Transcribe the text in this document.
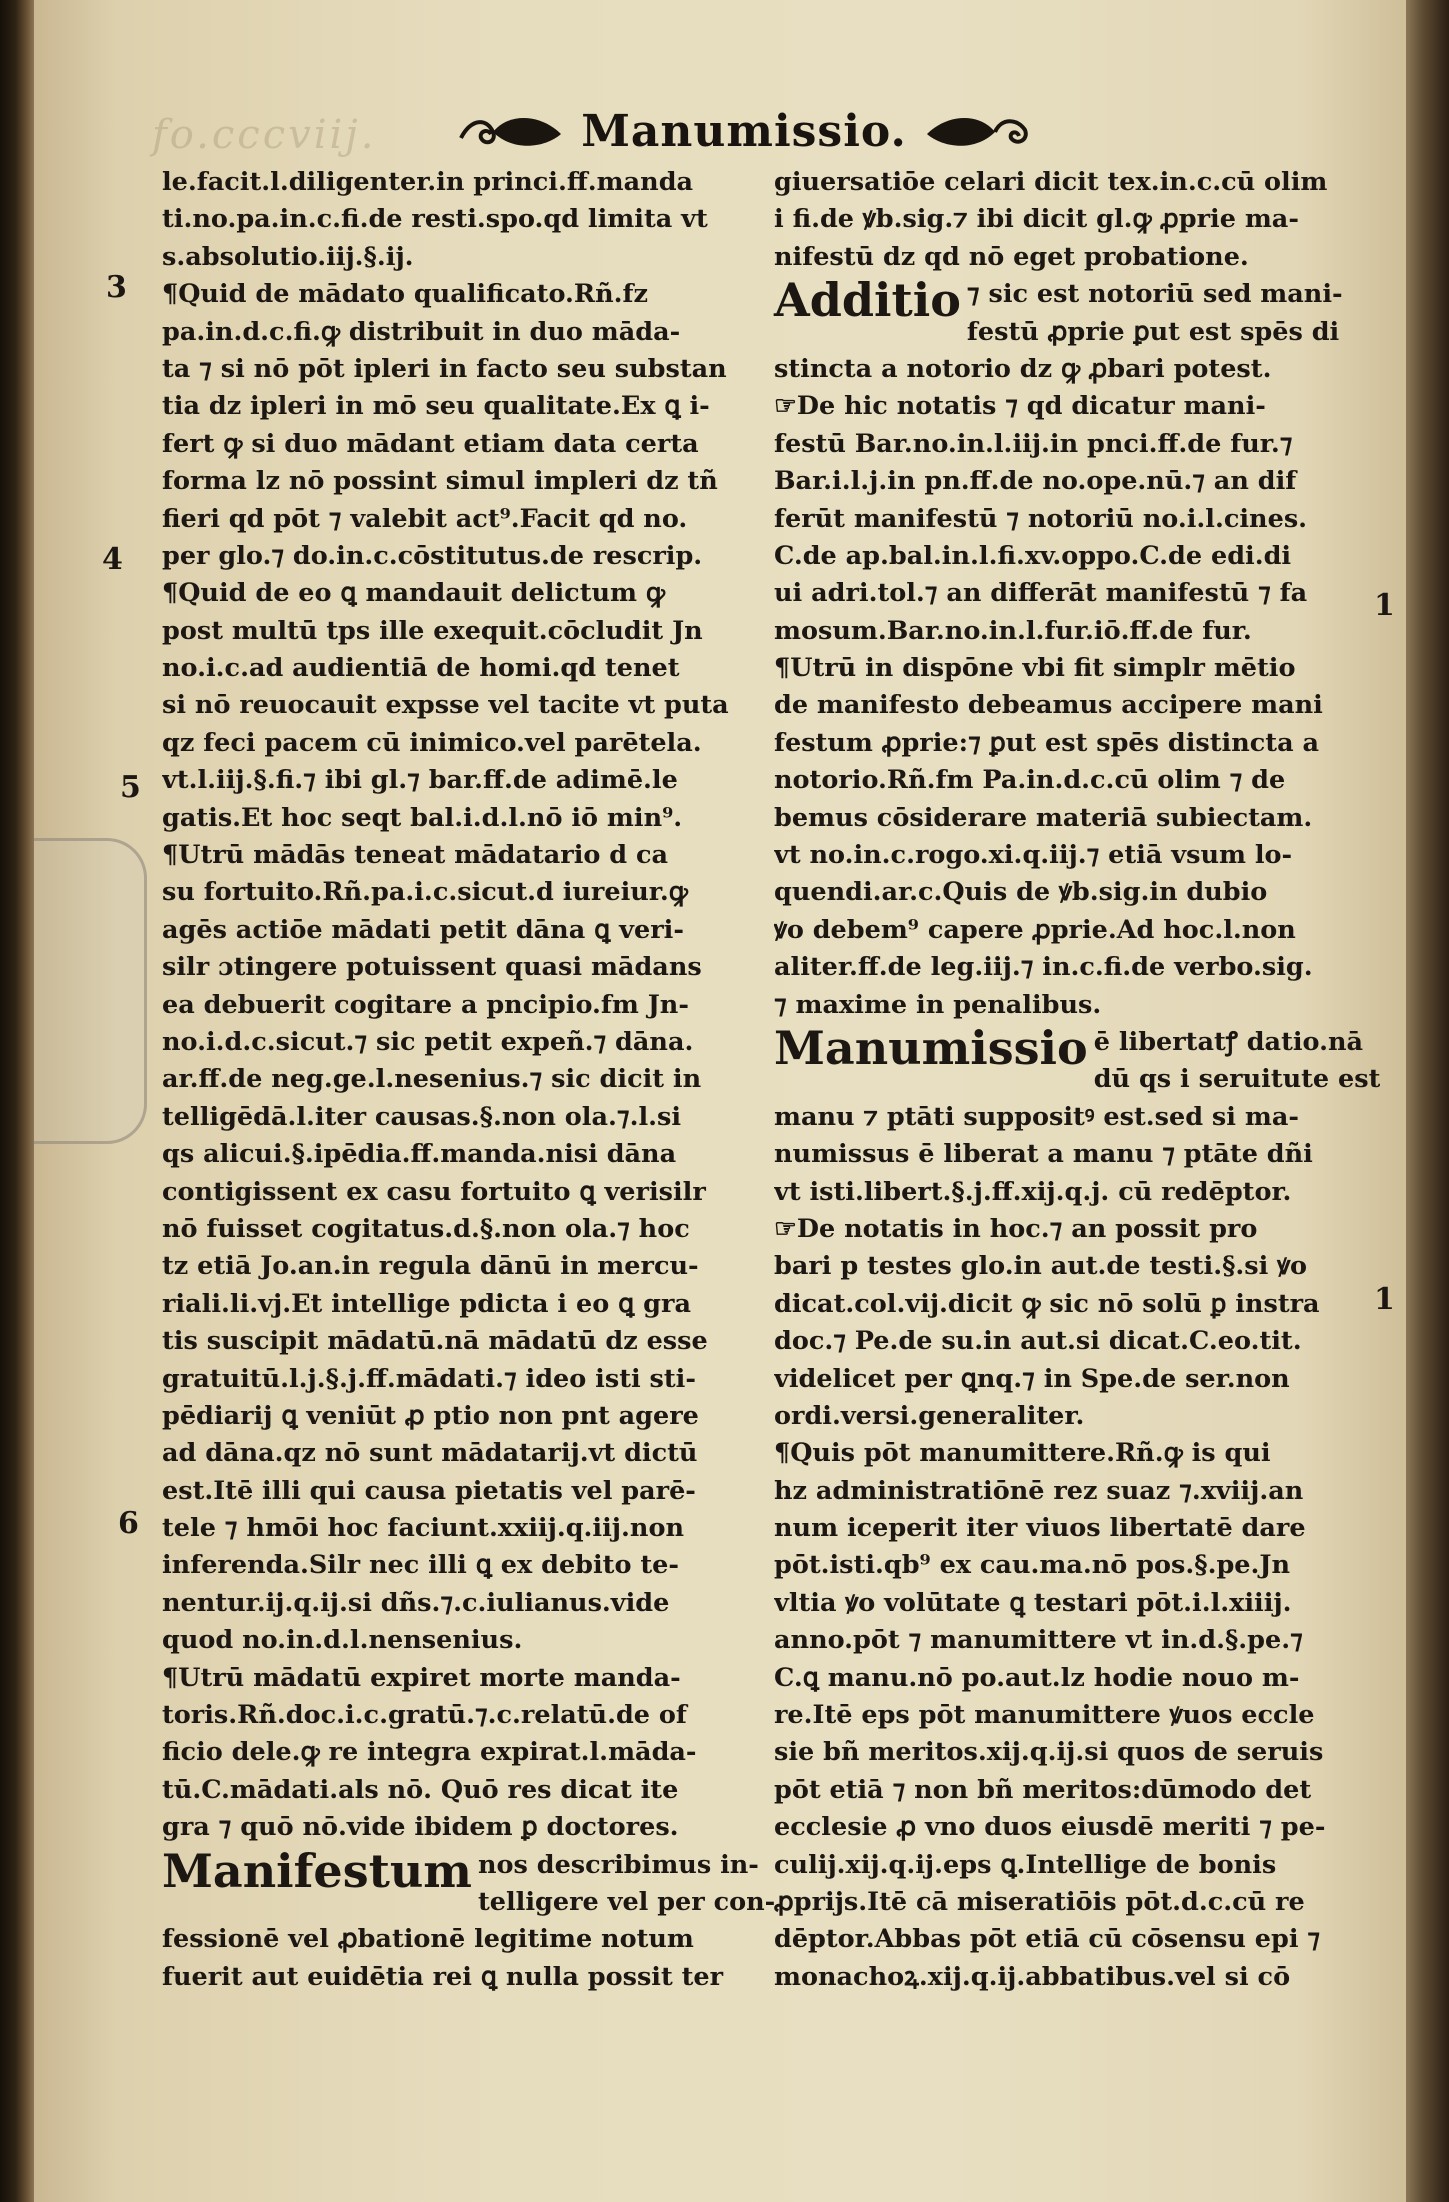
fo.cccviij.	Manumissio.
3
4
5
6
1
1
le.facit.l.diligenter.in princi.ff.manda
ti.no.pa.in.c.fi.de resti.spo.qd limita vt
s.absolutio.iij.§.ij.
¶Quid de mādato qualificato.Rñ.fz
pa.in.d.c.fi.ꝙ distribuit in duo māda-
ta ⁊ si nō pōt ipleri in facto seu substan
tia dz ipleri in mō seu qualitate.Ex ꝗ i-
fert ꝙ si duo mādant etiam data certa
forma lz nō possint simul impleri dz tñ
fieri qd pōt ⁊ valebit act⁹.Facit qd no.
per glo.⁊ do.in.c.cōstitutus.de rescrip.
¶Quid de eo ꝗ mandauit delictum ꝙ
post multū tps ille exequit.cōcludit Jn
no.i.c.ad audientiā de homi.qd tenet
si nō reuocauit expsse vel tacite vt puta
qz feci pacem cū inimico.vel parētela.
vt.l.iij.§.fi.⁊ ibi gl.⁊ bar.ff.de adimē.le
gatis.Et hoc seqt bal.i.d.l.nō iō min⁹.
¶Utrū mādās teneat mādatario d ca
su fortuito.Rñ.pa.i.c.sicut.d iureiur.ꝙ
agēs actiōe mādati petit dāna ꝗ veri-
silr ɔtingere potuissent quasi mādans
ea debuerit cogitare a pncipio.fm Jn-
no.i.d.c.sicut.⁊ sic petit expeñ.⁊ dāna.
ar.ff.de neg.ge.l.nesenius.⁊ sic dicit in
telligēdā.l.iter causas.§.non ola.⁊.l.si
qs alicui.§.ipēdia.ff.manda.nisi dāna
contigissent ex casu fortuito ꝗ verisilr
nō fuisset cogitatus.d.§.non ola.⁊ hoc
tz etiā Jo.an.in regula dānū in mercu-
riali.li.vj.Et intellige pdicta i eo ꝗ gra
tis suscipit mādatū.nā mādatū dz esse
gratuitū.l.j.§.j.ff.mādati.⁊ ideo isti sti-
pēdiarij ꝗ veniūt ꝓ ptio non pnt agere
ad dāna.qz nō sunt mādatarij.vt dictū
est.Itē illi qui causa pietatis vel parē-
tele ⁊ hmōi hoc faciunt.xxiij.q.iij.non
inferenda.Silr nec illi ꝗ ex debito te-
nentur.ij.q.ij.si dñs.⁊.c.iulianus.vide
quod no.in.d.l.nensenius.
¶Utrū mādatū expiret morte manda-
toris.Rñ.doc.i.c.gratū.⁊.c.relatū.de of
ficio dele.ꝙ re integra expirat.l.māda-
tū.C.mādati.als nō. Quō res dicat ite
gra ⁊ quō nō.vide ibidem ꝑ doctores.
Manifestum nos describimus in-
telligere vel per con-
fessionē vel ꝓbationē legitime notum
fuerit aut euidētia rei ꝗ nulla possit ter
giuersatiōe celari dicit tex.in.c.cū olim
i fi.de ꝟb.sig.⁊ ibi dicit gl.ꝙ ꝓprie ma-
nifestū dz qd nō eget probatione.
Additio ⁊ sic est notoriū sed mani-
festū ꝓprie ꝑut est spēs di
stincta a notorio dz ꝙ ꝓbari potest.
☞De hic notatis ⁊ qd dicatur mani-
festū Bar.no.in.l.iij.in pnci.ff.de fur.⁊
Bar.i.l.j.in pn.ff.de no.ope.nū.⁊ an dif
ferūt manifestū ⁊ notoriū no.i.l.cines.
C.de ap.bal.in.l.fi.xv.oppo.C.de edi.di
ui adri.tol.⁊ an differāt manifestū ⁊ fa
mosum.Bar.no.in.l.fur.iō.ff.de fur.
¶Utrū in dispōne vbi fit simplr mētio
de manifesto debeamus accipere mani
festum ꝓprie:⁊ ꝑut est spēs distincta a
notorio.Rñ.fm Pa.in.d.c.cū olim ⁊ de
bemus cōsiderare materiā subiectam.
vt no.in.c.rogo.xi.q.iij.⁊ etiā vsum lo-
quendi.ar.c.Quis de ꝟb.sig.in dubio
ꝟo debem⁹ capere ꝓprie.Ad hoc.l.non
aliter.ff.de leg.iij.⁊ in.c.fi.de verbo.sig.
⁊ maxime in penalibus.
Manumissio ē libertatꝭ datio.nā
dū qs i seruitute est
manu ⁊ ptāti suppositꝰ est.sed si ma-
numissus ē liberat a manu ⁊ ptāte dñi
vt isti.libert.§.j.ff.xij.q.j. cū redēptor.
☞De notatis in hoc.⁊ an possit pro
bari p testes glo.in aut.de testi.§.si ꝟo
dicat.col.vij.dicit ꝙ sic nō solū ꝑ instra
doc.⁊ Pe.de su.in aut.si dicat.C.eo.tit.
videlicet per ꝗnq.⁊ in Spe.de ser.non
ordi.versi.generaliter.
¶Quis pōt manumittere.Rñ.ꝙ is qui
hz administratiōnē rez suaz ⁊.xviij.an
num iceperit iter viuos libertatē dare
pōt.isti.qb⁹ ex cau.ma.nō pos.§.pe.Jn
vltia ꝟo volūtate ꝗ testari pōt.i.l.xiiij.
anno.pōt ⁊ manumittere vt in.d.§.pe.⁊
C.ꝗ manu.nō po.aut.lz hodie nouo m-
re.Itē eps pōt manumittere ꝟuos eccle
sie bñ meritos.xij.q.ij.si quos de seruis
pōt etiā ⁊ non bñ meritos:dūmodo det
ecclesie ꝓ vno duos eiusdē meriti ⁊ pe-
culij.xij.q.ij.eps ꝗ.Intellige de bonis
ꝓprijs.Itē cā miseratiōis pōt.d.c.cū re
dēptor.Abbas pōt etiā cū cōsensu epi ⁊
monachoꝝ.xij.q.ij.abbatibus.vel si cō
